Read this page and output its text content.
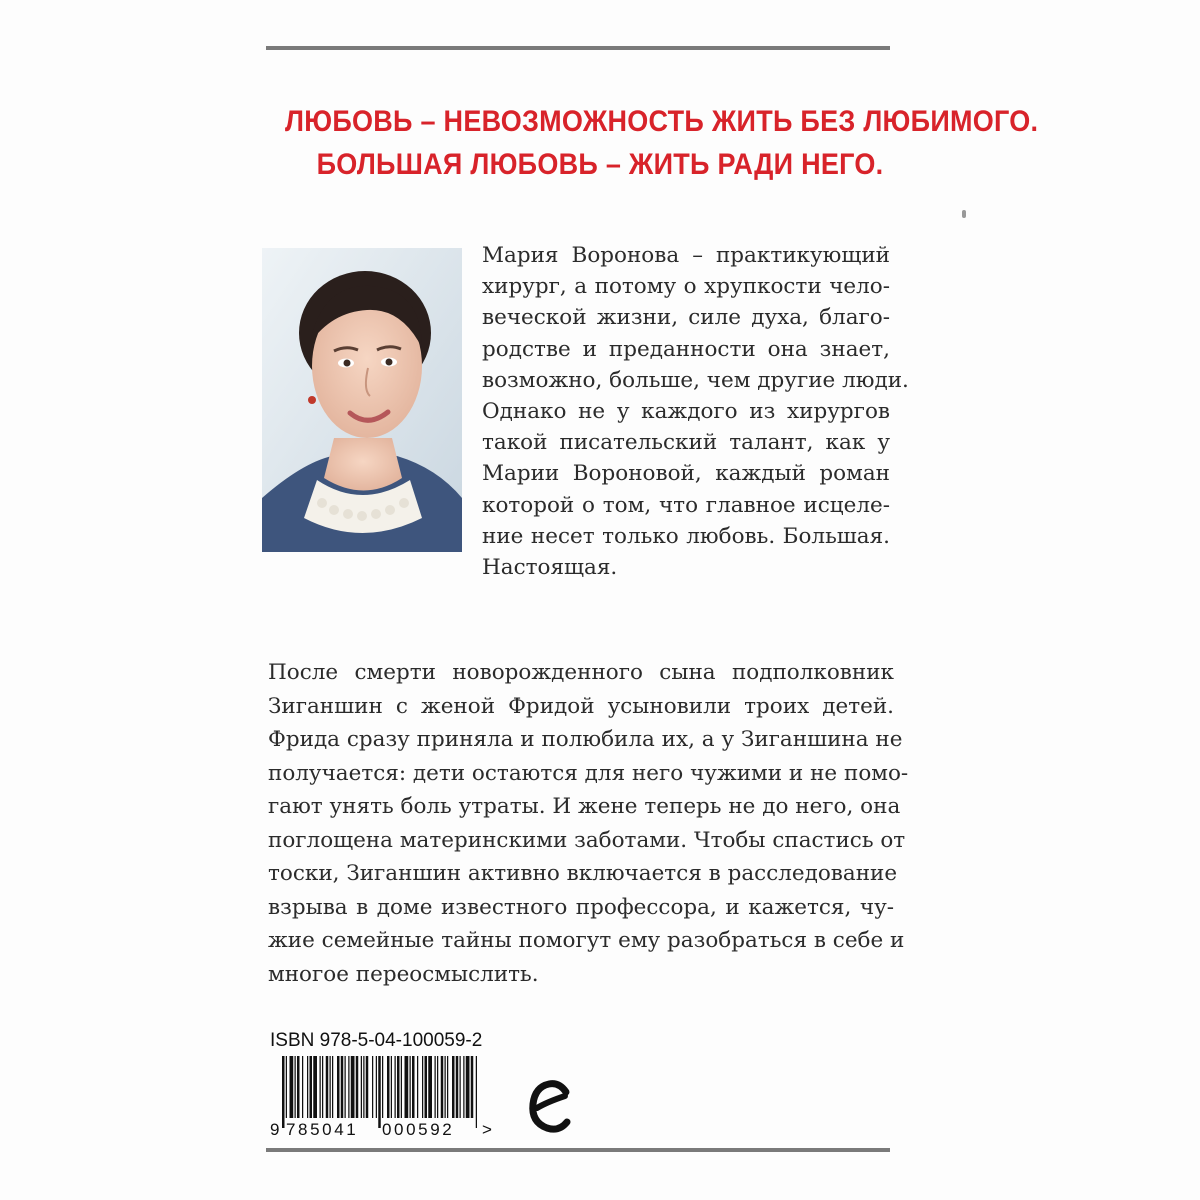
ЛЮБОВЬ – НЕВОЗМОЖНОСТЬ ЖИТЬ БЕЗ ЛЮБИМОГО.
БОЛЬШАЯ ЛЮБОВЬ – ЖИТЬ РАДИ НЕГО.
Мария Воронова – практикующий
хирург, а потому о хрупкости чело-
веческой жизни, силе духа, благо-
родстве и преданности она знает,
возможно, больше, чем другие люди.
Однако не у каждого из хирургов
такой писательский талант, как у
Марии Вороновой, каждый роман
которой о том, что главное исцеле-
ние несет только любовь. Большая.
Настоящая.
После смерти новорожденного сына подполковник
Зиганшин с женой Фридой усыновили троих детей.
Фрида сразу приняла и полюбила их, а у Зиганшина не
получается: дети остаются для него чужими и не помо-
гают унять боль утраты. И жене теперь не до него, она
поглощена материнскими заботами. Чтобы спастись от
тоски, Зиганшин активно включается в расследование
взрыва в доме известного профессора, и кажется, чу-
жие семейные тайны помогут ему разобраться в себе и
многое переосмыслить.
ISBN 978-5-04-100059-2
9 785041 000592 >
